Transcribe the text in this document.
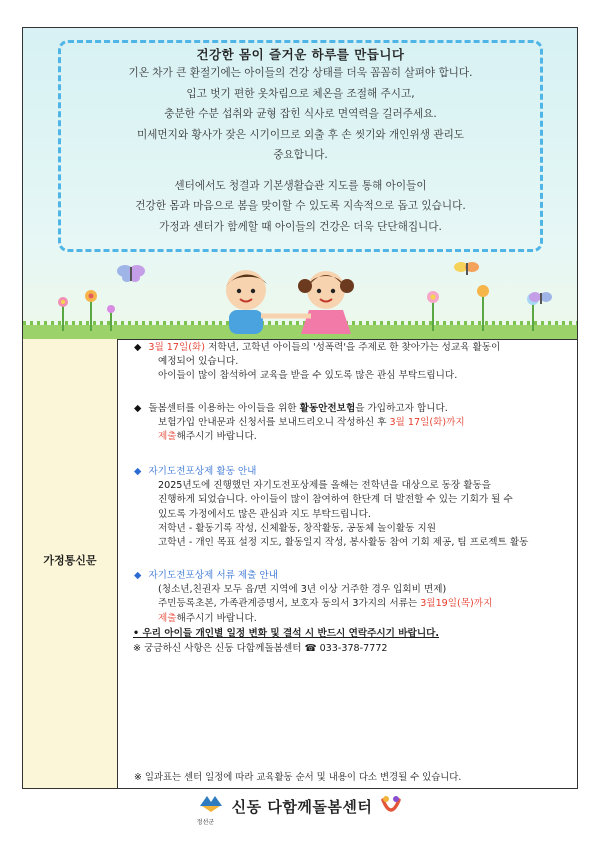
건강한 몸이 즐거운 하루를 만듭니다
기온 차가 큰 환절기에는 아이들의 건강 상태를 더욱 꼼꼼히 살펴야 합니다.
입고 벗기 편한 옷차림으로 체온을 조절해 주시고,
충분한 수분 섭취와 균형 잡힌 식사로 면역력을 길러주세요.
미세먼지와 황사가 잦은 시기이므로 외출 후 손 씻기와 개인위생 관리도
중요합니다.
센터에서도 청결과 기본생활습관 지도를 통해 아이들이
건강한 몸과 마음으로 봄을 맞이할 수 있도록 지속적으로 돕고 있습니다.
가정과 센터가 함께할 때 아이들의 건강은 더욱 단단해집니다.
가정통신문
◆ 3월 17일(화) 저학년, 고학년 아이들의 '성폭력'을 주제로 한 찾아가는 성교육 활동이
예정되어 있습니다.
아이들이 많이 참석하여 교육을 받을 수 있도록 많은 관심 부탁드립니다.
◆ 돌봄센터를 이용하는 아이들을 위한 활동안전보험을 가입하고자 합니다.
보험가입 안내문과 신청서를 보내드리오니 작성하신 후 3월 17일(화)까지
제출해주시기 바랍니다.
◆ 자기도전포상제 활동 안내
2025년도에 진행했던 자기도전포상제를 올해는 전학년을 대상으로 동장 활동을
진행하게 되었습니다. 아이들이 많이 참여하여 한단계 더 발전할 수 있는 기회가 될 수
있도록 가정에서도 많은 관심과 지도 부탁드립니다.
저학년 - 활동기록 작성, 신체활동, 창작활동, 공동체 놀이활동 지원
고학년 - 개인 목표 설정 지도, 활동일지 작성, 봉사활동 참여 기회 제공, 팀 프로젝트 활동
◆ 자기도전포상제 서류 제출 안내
(청소년,친권자 모두 읍/면 지역에 3년 이상 거주한 경우 입회비 면제)
주민등록초본, 가족관계증명서, 보호자 동의서 3가지의 서류는 3월19일(목)까지
제출해주시기 바랍니다.
• 우리 아이들 개인별 일정 변화 및 결석 시 반드시 연락주시기 바랍니다.
※ 궁금하신 사항은 신동 다함께돌봄센터 ☎ 033-378-7772
※ 일과표는 센터 일정에 따라 교육활동 순서 및 내용이 다소 변경될 수 있습니다.
정선군
신동 다함께돌봄센터
